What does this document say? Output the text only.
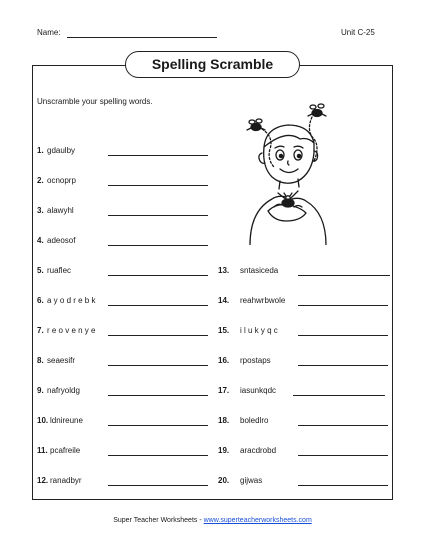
Name:	Unit C-25
Spelling Scramble
Unscramble your spelling words.
1. gdaulby
2. ocnoprp
3. alawyhl
4. adeosof
5. ruaflec
6. a y o d r e b k
7. r e o v e n y e
8. seaesifr
9. nafryoldg
10. ldnireune
11. pcafreile
12. ranadbyr
13. sntasiceda
14. reahwrbwole
15. i l u k y q c
16. rpostaps
17. iasunkqdc
18. boledlro
19. aracdrobd
20. gijwas
Super Teacher Worksheets - www.superteacherworksheets.com
